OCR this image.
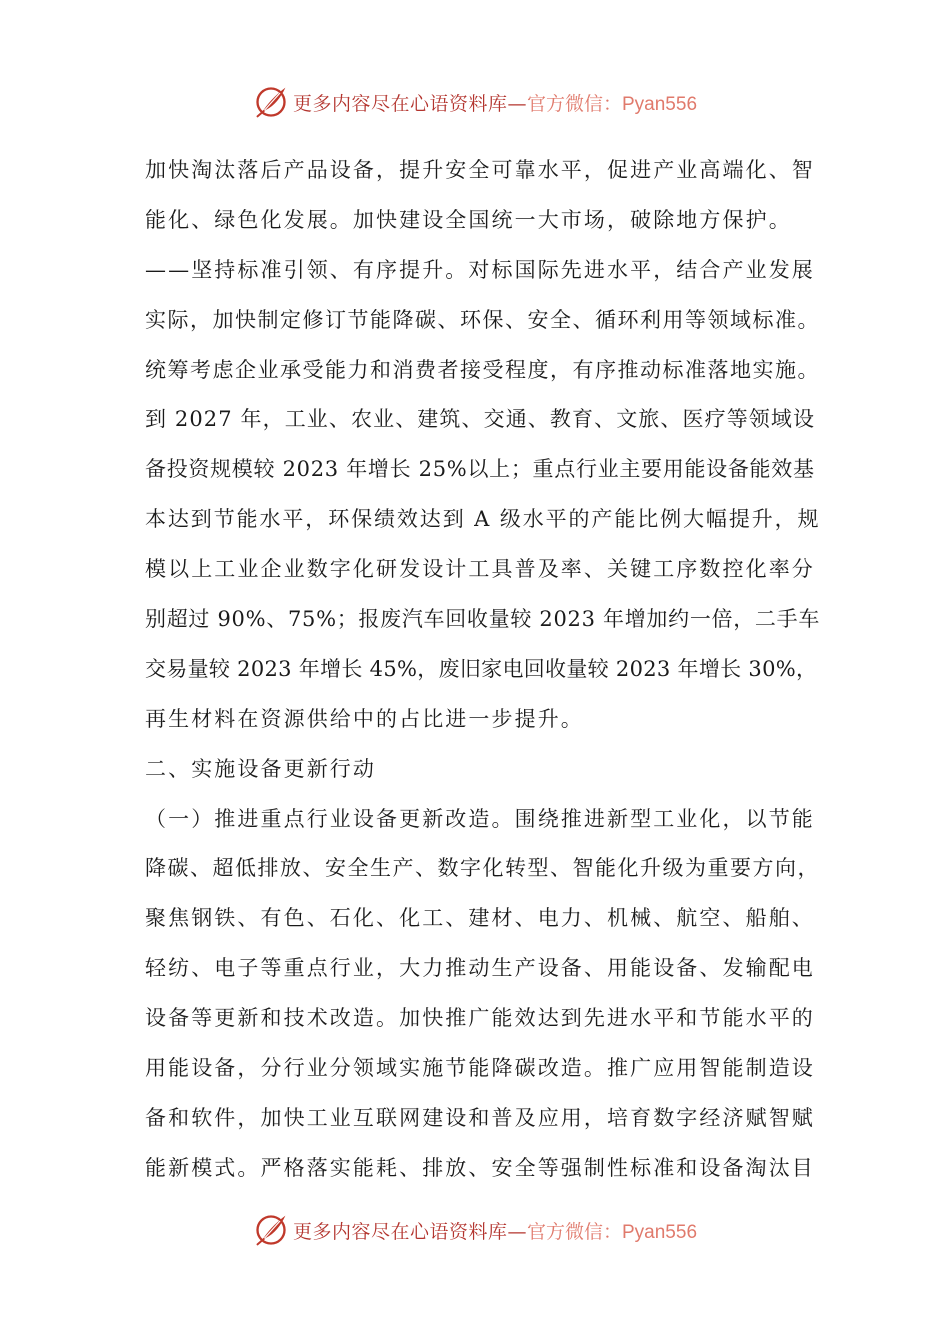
更多内容尽在心语资料库— 官方微信：Pyan556
加快淘汰落后产品设备，提升安全可靠水平，促进产业高端化、智
能化、绿色化发展。加快建设全国统一大市场，破除地方保护。
——坚持标准引领、有序提升。对标国际先进水平，结合产业发展
实际，加快制定修订节能降碳、环保、安全、循环利用等领域标准。
统筹考虑企业承受能力和消费者接受程度，有序推动标准落地实施。
到 2027 年，工业、农业、建筑、交通、教育、文旅、医疗等领域设
备投资规模较 2023 年增长 25%以上；重点行业主要用能设备能效基
本达到节能水平，环保绩效达到 A 级水平的产能比例大幅提升，规
模以上工业企业数字化研发设计工具普及率、关键工序数控化率分
别超过 90%、75%；报废汽车回收量较 2023 年增加约一倍，二手车
交易量较 2023 年增长 45%，废旧家电回收量较 2023 年增长 30%，
再生材料在资源供给中的占比进一步提升。
二、实施设备更新行动
（一）推进重点行业设备更新改造。围绕推进新型工业化，以节能
降碳、超低排放、安全生产、数字化转型、智能化升级为重要方向，
聚焦钢铁、有色、石化、化工、建材、电力、机械、航空、船舶、
轻纺、电子等重点行业，大力推动生产设备、用能设备、发输配电
设备等更新和技术改造。加快推广能效达到先进水平和节能水平的
用能设备，分行业分领域实施节能降碳改造。推广应用智能制造设
备和软件，加快工业互联网建设和普及应用，培育数字经济赋智赋
能新模式。严格落实能耗、排放、安全等强制性标准和设备淘汰目
更多内容尽在心语资料库— 官方微信：Pyan556
